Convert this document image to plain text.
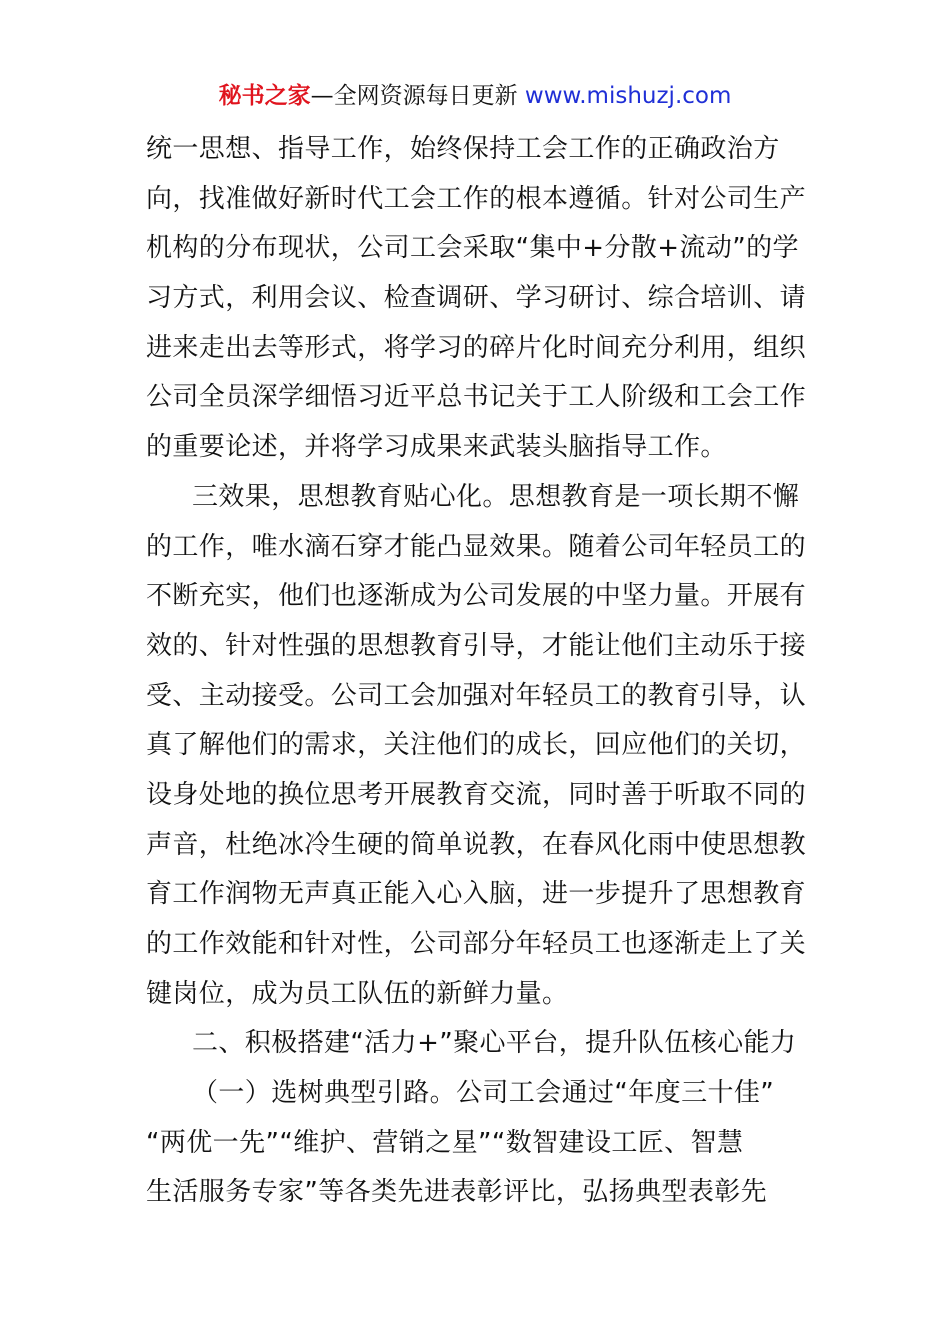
秘书之家—全网资源每日更新 www.mishuzj.com
统一思想、指导工作，始终保持工会工作的正确政治方
向，找准做好新时代工会工作的根本遵循。针对公司生产
机构的分布现状，公司工会采取“集中+分散+流动”的学
习方式，利用会议、检查调研、学习研讨、综合培训、请
进来走出去等形式，将学习的碎片化时间充分利用，组织
公司全员深学细悟习近平总书记关于工人阶级和工会工作
的重要论述，并将学习成果来武装头脑指导工作。
三效果，思想教育贴心化。思想教育是一项长期不懈
的工作，唯水滴石穿才能凸显效果。随着公司年轻员工的
不断充实，他们也逐渐成为公司发展的中坚力量。开展有
效的、针对性强的思想教育引导，才能让他们主动乐于接
受、主动接受。公司工会加强对年轻员工的教育引导，认
真了解他们的需求，关注他们的成长，回应他们的关切，
设身处地的换位思考开展教育交流，同时善于听取不同的
声音，杜绝冰冷生硬的简单说教，在春风化雨中使思想教
育工作润物无声真正能入心入脑，进一步提升了思想教育
的工作效能和针对性，公司部分年轻员工也逐渐走上了关
键岗位，成为员工队伍的新鲜力量。
二、积极搭建“活力+”聚心平台，提升队伍核心能力
（一）选树典型引路。公司工会通过“年度三十佳”
“两优一先”“维护、营销之星”“数智建设工匠、智慧
生活服务专家”等各类先进表彰评比，弘扬典型表彰先
